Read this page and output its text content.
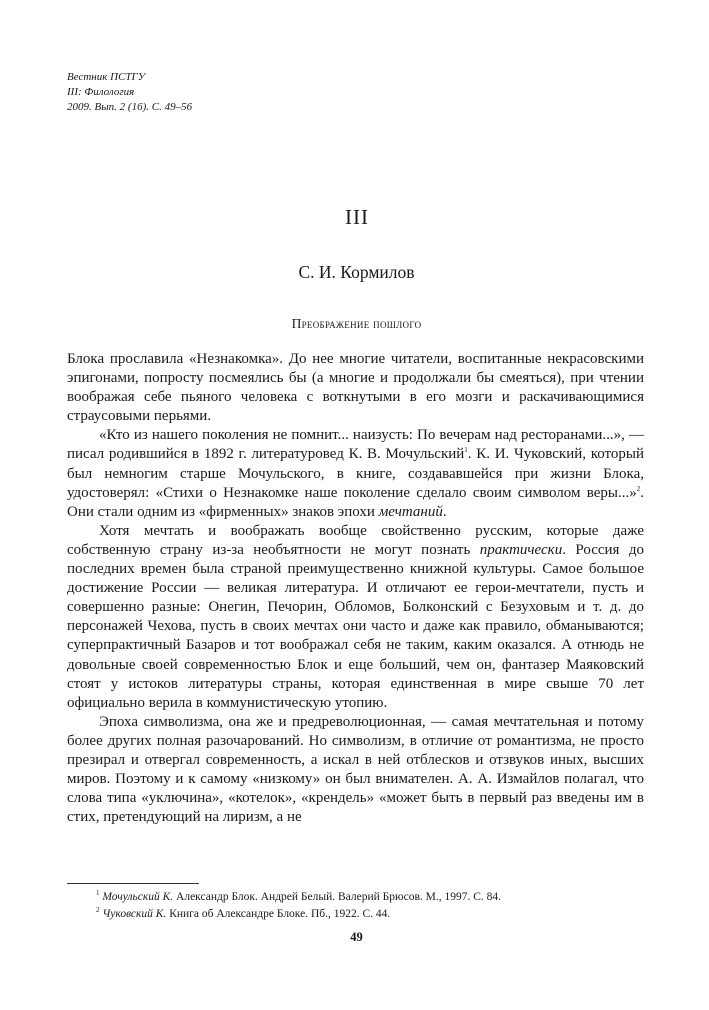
Вестник ПСТГУ
III: Филология
2009. Вып. 2 (16). С. 49–56
III
С. И. Кормилов
Преображение пошлого

Блока прославила «Незнакомка». До нее многие читатели, воспитанные некрасовскими эпигонами, попросту посмеялись бы (а многие и продолжали бы смеяться), при чтении воображая себе пьяного человека с воткнутыми в его мозги и раскачивающимися страусовыми перьями.

«Кто из нашего поколения не помнит... наизусть: По вечерам над ресторанами...», — писал родившийся в 1892 г. литературовед К. В. Мочульский$^1$. К. И. Чуковский, который был немногим старше Мочульского, в книге, создававшейся при жизни Блока, удостоверял: «Стихи о Незнакомке наше поколение сделало своим символом веры...»$^2$. Они стали одним из «фирменных» знаков эпохи мечтаний.

Хотя мечтать и воображать вообще свойственно русским, которые даже собственную страну из-за необъятности не могут познать практически. Россия до последних времен была страной преимущественно книжной культуры. Самое большое достижение России — великая литература. И отличают ее герои-мечтатели, пусть и совершенно разные: Онегин, Печорин, Обломов, Болконский с Безуховым и т. д. до персонажей Чехова, пусть в своих мечтах они часто и даже как правило, обманываются; суперпрактичный Базаров и тот воображал себя не таким, каким оказался. А отнюдь не довольные своей современностью Блок и еще больший, чем он, фантазер Маяковский стоят у истоков литературы страны, которая единственная в мире свыше 70 лет официально верила в коммунистическую утопию.

Эпоха символизма, она же и предреволюционная, — самая мечтательная и потому более других полная разочарований. Но символизм, в отличие от романтизма, не просто презирал и отвергал современность, а искал в ней отблесков и отзвуков иных, высших миров. Поэтому и к самому «низкому» он был внимателен. А. А. Измайлов полагал, что слова типа «уключина», «котелок», «крендель» «может быть в первый раз введены им в стих, претендующий на лиризм, а не

$^1$ Мочульский К. Александр Блок. Андрей Белый. Валерий Брюсов. М., 1997. С. 84.
$^2$ Чуковский К. Книга об Александре Блоке. Пб., 1922. С. 44.
49
